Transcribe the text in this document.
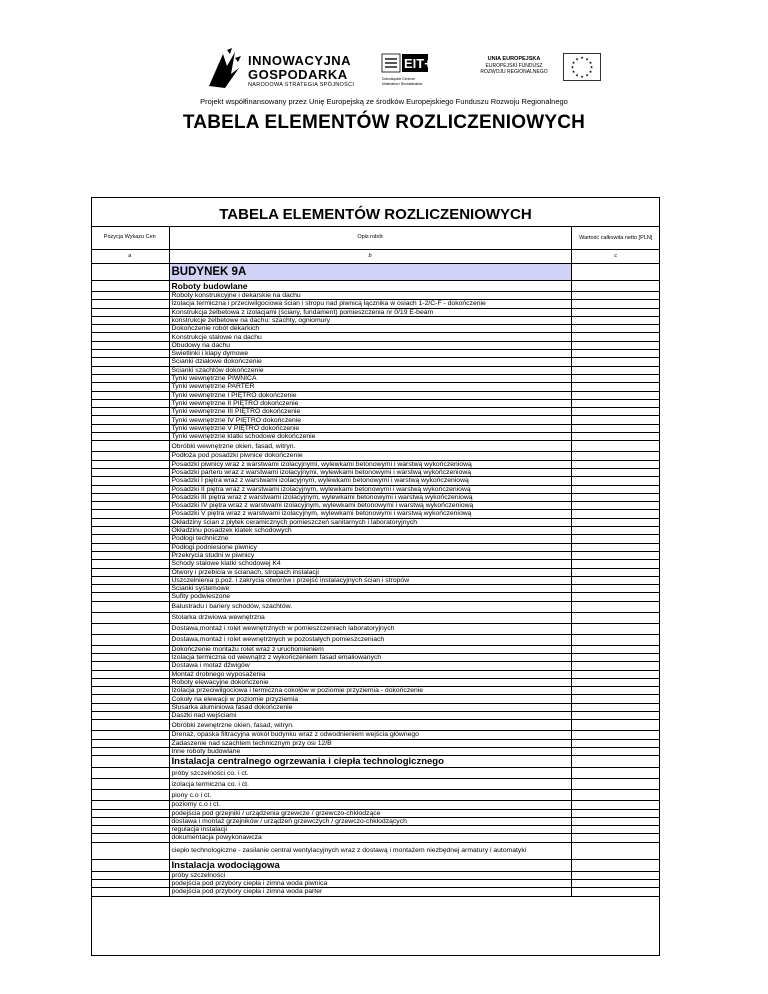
INNOWACYJNA
GOSPODARKA
NARODOWA STRATEGIA SPÓJNOŚCI
EIT+
Dolnośląskie Centrum
Materiałów i Biomateriałów
UNIA EUROPEJSKA
EUROPEJSKI FUNDUSZ
ROZWOJU REGIONALNEGO
★ ★
★
★
★
★
★
★
★
★
★
★
Projekt współfinansowany przez Unię Europejską ze środków Europejskiego Funduszu Rozwoju Regionalnego
TABELA ELEMENTÓW ROZLICZENIOWYCH
TABELA ELEMENTÓW ROZLICZENIOWYCH
Pozycja Wykazu Cen	Opis robót	Wartość całkowita netto [PLN]
a	b	c
	BUDYNEK 9A	
	Roboty budowlane	
	Roboty konstrukcyjne i dekarskie na dachu	
	Izolacja termiczna i przeciwilgociowa ścian i stropu nad piwnicą łącznika w osiach 1-2/C-F - dokończenie	
	Konstrukcja żelbetowa z izolacjami (ściany, fundament) pomieszczenia nr 0/19 E-beam	
	konstrukcje żelbetowe na dachu: szachty, ogniomury	
	Dokończenie robót dekarkich	
	Konstrukcje stalowe na dachu	
	Obudowy na dachu	
	Świetlinki i klapy dymowe	
	Ścianki działowe dokończenie	
	Ścianki szachtów dokończenie	
	Tynki wewnętrzne PIWNICA	
	Tynki wewnętrzne PARTER	
	Tynki wewnętrzne I PIĘTRO dokończenie	
	Tynki wewnętrzne II PIĘTRO dokończenie	
	Tynki wewnętrzne III PIĘTRO dokończenie	
	Tynki wewnętrzne IV PIĘTRO dokończenie	
	Tynki wewnętrzne V PIĘTRO dokończenie	
	Tynki wewnętrzne klatki schodowe dokończenie	
	Obróbki wewnętrzne okien, fasad, witryn.	
	Podłoża pod posadzki piwnice dokończenie	
	Posadzki piwnicy wraz z warstwami izolacyjnymi, wylewkami betonowymi i warstwą wykończeniową	
	Posadzki parteru wraz z warstwami izolacyjnymi, wylewkami betonowymi i warstwą wykończeniową	
	Posadzki I piętra wraz z warstwami izolacyjnym, wylewkami betonowymi i warstwą wykończeniową	
	Posadzki II piętra wraz z warstwami izolacyjnym, wylewkami betonowymi i warstwą wykończeniową	
	Posadzki III piętra wraz z warstwami izolacyjnym, wylewkami betonowymi i warstwą wykończeniową	
	Posadzki IV piętra wraz z warstwami izolacyjnym, wylewkami betonowymi i warstwą wykończeniową	
	Posadzki V piętra wraz z warstwami izolacyjnym, wylewkami betonowymi i warstwą wykończeniową	
	Okładziny ścian z płytek ceramicznych pomieszczeń sanitarnych i laboratoryjnych	
	Okładzinu posadzek klatek schodowych	
	Podłogi techniczne	
	Podłogi podniesione piwnicy	
	Przekrycia studni w piwnicy	
	Schody stalowe klatki schodowej K4	
	Otwory i przebicia w ścianach, stropach instalacji	
	Uszczelnienia p.poż. i zakrycia otworów i przejść instalacyjnych ścian i stropów	
	Ścianki systemowe	
	Sufity podwieszone	
	Balustradu i bariery schodów, szachtów.	
	Stolarka drzwiowa wewnętrzna	
	Dostawa,montaż i rolet wewnętrznych w pomieszczeniach laboratoryjnych	
	Dostawa,montaż i rolet wewnętrznych w pozostałych pomieszczeniach	
	Dokończenie montażu rolet wraz z uruchomieniem	
	Izolacja termiczna od wewnątrz z wykończeniem fasad emaliowanych	
	Dostawa i motaż dźwigów	
	Montaż drobnego wyposażenia	
	Roboty elewacyjne dokończenie	
	Izolacja przeciwilgociowa i termiczna cokołów w poziomie przyziemia - dokończenie	
	Cokoły na elewacji w poziomie przyziemia	
	Ślusarka aluminiowa fasad dokończenie	
	Daszki nad wejściami	
	Obróbki zewnętrzne okien, fasad, witryn.	
	Drenaż, opaska filtracyjna wokół budynku wraz z odwodnieniem wejścia głównego	
	Zadaszenie nad szachtem technicznym przy osi 12/B	
	Inne roboty budowlane	
	Instalacja centralnego ogrzewania i ciepła technologicznego	
	próby szczelności co. i ct.	
	izolacja termiczna co. i ct.	
	piony c.o i ct.	
	poziomy c.o i ct.	
	podejścia pod grzejniki / urządzenia grzewcze / grzewczo-chkłodzące	
	dostawa i montaż grzejników / urządzeń grzewczych / grzewczo-chkłodzących	
	regulacja instalacji	
	dokumentacja powykonawcza	
	ciepło technologiczne - zasilanie central wentylacyjnych wraz z dostawą i montażem niezbędnej armatury i automatyki	
	Instalacja wodociągowa	
	próby szczelności	
	podejścia pod przybory ciepła i zimna woda piwnica	
	podejścia pod przybory ciepła i zimna woda parter	
